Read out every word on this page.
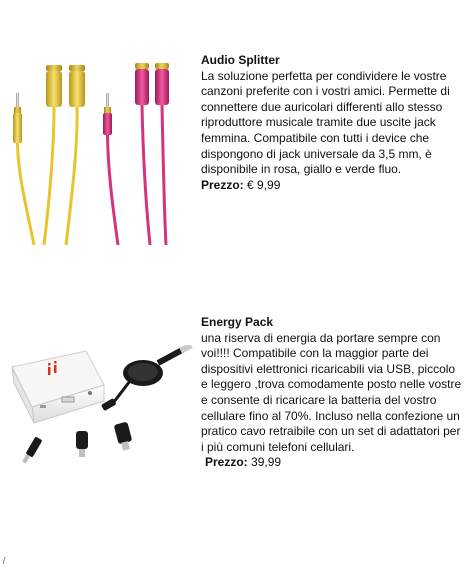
Audio Splitter

La soluzione perfetta per condividere le vostre canzoni preferite con i vostri amici. Permette di connettere due auricolari differenti allo stesso riproduttore musicale tramite due uscite jack femmina. Compatibile con tutti i device che dispongono di jack universale da 3,5 mm, è disponibile in rosa, giallo e verde fluo.

Prezzo: € 9,99

Energy Pack

una riserva di energia da portare sempre con voi!!!! Compatibile con la maggior parte dei dispositivi elettronici ricaricabili via USB, piccolo e leggero ,trova comodamente posto nelle vostre e consente di ricaricare la batteria del vostro cellulare fino al 70%. Incluso nella confezione un pratico cavo retraibile con un set di adattatori per i più comuni telefoni cellulari.

Prezzo: 39,99
